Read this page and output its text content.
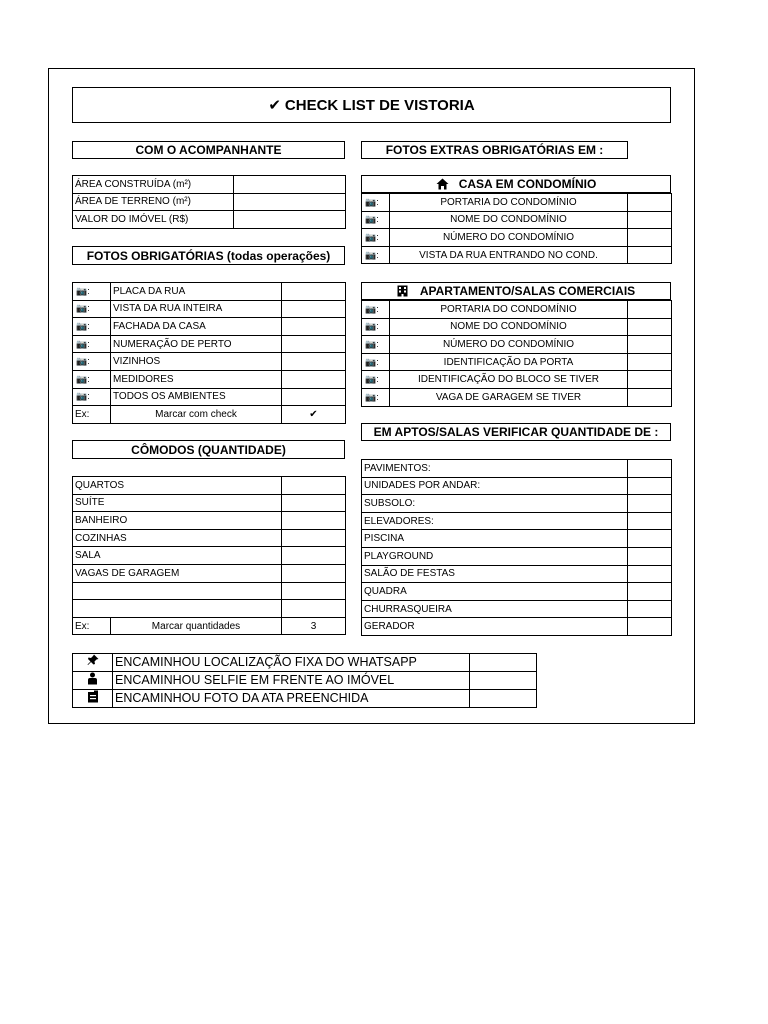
✔ CHECK LIST DE VISTORIA
COM O ACOMPANHANTE
ÁREA CONSTRUÍDA (m²)	
ÁREA DE TERRENO (m²)	
VALOR DO IMÓVEL (R$)	
FOTOS OBRIGATÓRIAS (todas operações)
📷:	PLACA DA RUA	
📷:	VISTA DA RUA INTEIRA	
📷:	FACHADA DA CASA	
📷:	NUMERAÇÃO DE PERTO	
📷:	VIZINHOS	
📷:	MEDIDORES	
📷:	TODOS OS AMBIENTES	
Ex:	Marcar com check	✔
CÔMODOS (QUANTIDADE)
QUARTOS		
SUÍTE		
BANHEIRO		
COZINHAS		
SALA		
VAGAS DE GARAGEM		

Ex:	Marcar quantidades	3
FOTOS EXTRAS OBRIGATÓRIAS EM :
CASA EM CONDOMÍNIO
📷:	PORTARIA DO CONDOMÍNIO	
📷:	NOME DO CONDOMÍNIO	
📷:	NÚMERO DO CONDOMÍNIO	
📷:	VISTA DA RUA ENTRANDO NO COND.	
APARTAMENTO/SALAS COMERCIAIS
📷:	PORTARIA DO CONDOMÍNIO	
📷:	NOME DO CONDOMÍNIO	
📷:	NÚMERO DO CONDOMÍNIO	
📷:	IDENTIFICAÇÃO DA PORTA	
📷:	IDENTIFICAÇÃO DO BLOCO SE TIVER	
📷:	VAGA DE GARAGEM SE TIVER	
EM APTOS/SALAS VERIFICAR QUANTIDADE DE :
PAVIMENTOS:	
UNIDADES POR ANDAR:	
SUBSOLO:	
ELEVADORES:	
PISCINA	
PLAYGROUND	
SALÃO DE FESTAS	
QUADRA	
CHURRASQUEIRA	
GERADOR	
	ENCAMINHOU LOCALIZAÇÃO FIXA DO WHATSAPP	
	ENCAMINHOU SELFIE EM FRENTE AO IMÓVEL	
	ENCAMINHOU FOTO DA ATA PREENCHIDA	
